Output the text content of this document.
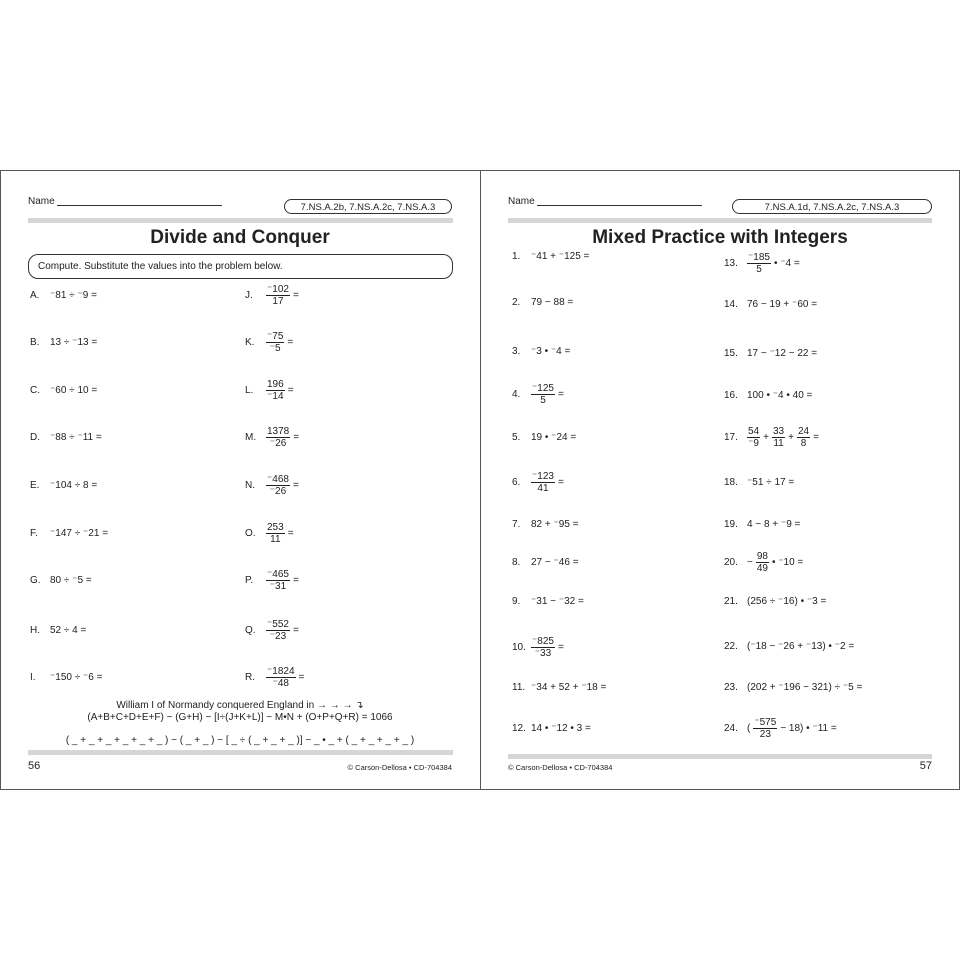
Name
7.NS.A.2b, 7.NS.A.2c, 7.NS.A.3
Divide and Conquer
Compute. Substitute the values into the problem below.
A.	⁻81 ÷ ⁻9 =
B.	13 ÷ ⁻13 =
C.	⁻60 ÷ 10 =
D.	⁻88 ÷ ⁻11 =
E.	⁻104 ÷ 8 =
F.	⁻147 ÷ ⁻21 =
G. 80 ÷ ⁻5 =
H.	52 ÷ 4 =
I.	⁻150 ÷ ⁻6 =
J.	$\frac{^-102}{17}$ =
K.	$\frac{^-75}{^-5}$ =
L.	$\frac{196}{^-14}$ =
M. $\frac{1378}{^-26}$ =
N.	$\frac{^-468}{^-26}$ =
O.	$\frac{253}{11}$ =
P.	$\frac{^-465}{^-31}$ =
Q.	$\frac{^-552}{^-23}$ =
R.	$\frac{^-1824}{^-48}$ =
William I of Normandy conquered England in → → → ↴
(A+B+C+D+E+F) − (G+H) − [I÷(J+K+L)] − M•N + (O+P+Q+R) = 1066
( _ + _ + _ + _ + _ + _ ) − ( _ + _ ) − [ _ ÷ ( _ + _ + _ )] − _ • _ + ( _ + _ + _ + _ )
56	© Carson-Dellosa • CD-704384
Name
7.NS.A.1d, 7.NS.A.2c, 7.NS.A.3
Mixed Practice with Integers
1.	⁻41 + ⁻125 =
2.	79 − 88 =
3.	⁻3 • ⁻4 =
4.	$\frac{^-125}{5}$ =
5.	19 • ⁻24 =
6.	$\frac{^-123}{41}$ =
7.	82 + ⁻95 =
8.	27 − ⁻46 =
9.	⁻31 − ⁻32 =
10. $\frac{^-825}{^-33}$ =
11. ⁻34 + 52 + ⁻18 =
12. 14 • ⁻12 • 3 =
13. $\frac{^-185}{5}$ • ⁻4 =
14. 76 − 19 + ⁻60 =
15. 17 − ⁻12 − 22 =
16. 100 • ⁻4 • 40 =
17. $\frac{54}{^-9} + \frac{33}{11} + \frac{24}{8}$ =
18. ⁻51 ÷ 17 =
19. 4 − 8 + ⁻9 =
20. − $\frac{98}{49}$ • ⁻10 =
21. (256 ÷ ⁻16) • ⁻3 =
22. (⁻18 − ⁻26 + ⁻13) • ⁻2 =
23. (202 + ⁻196 − 321) ÷ ⁻5 =
24. ( $\frac{^-575}{23} - 18$) • ⁻11 =
© Carson-Dellosa • CD-704384	57
